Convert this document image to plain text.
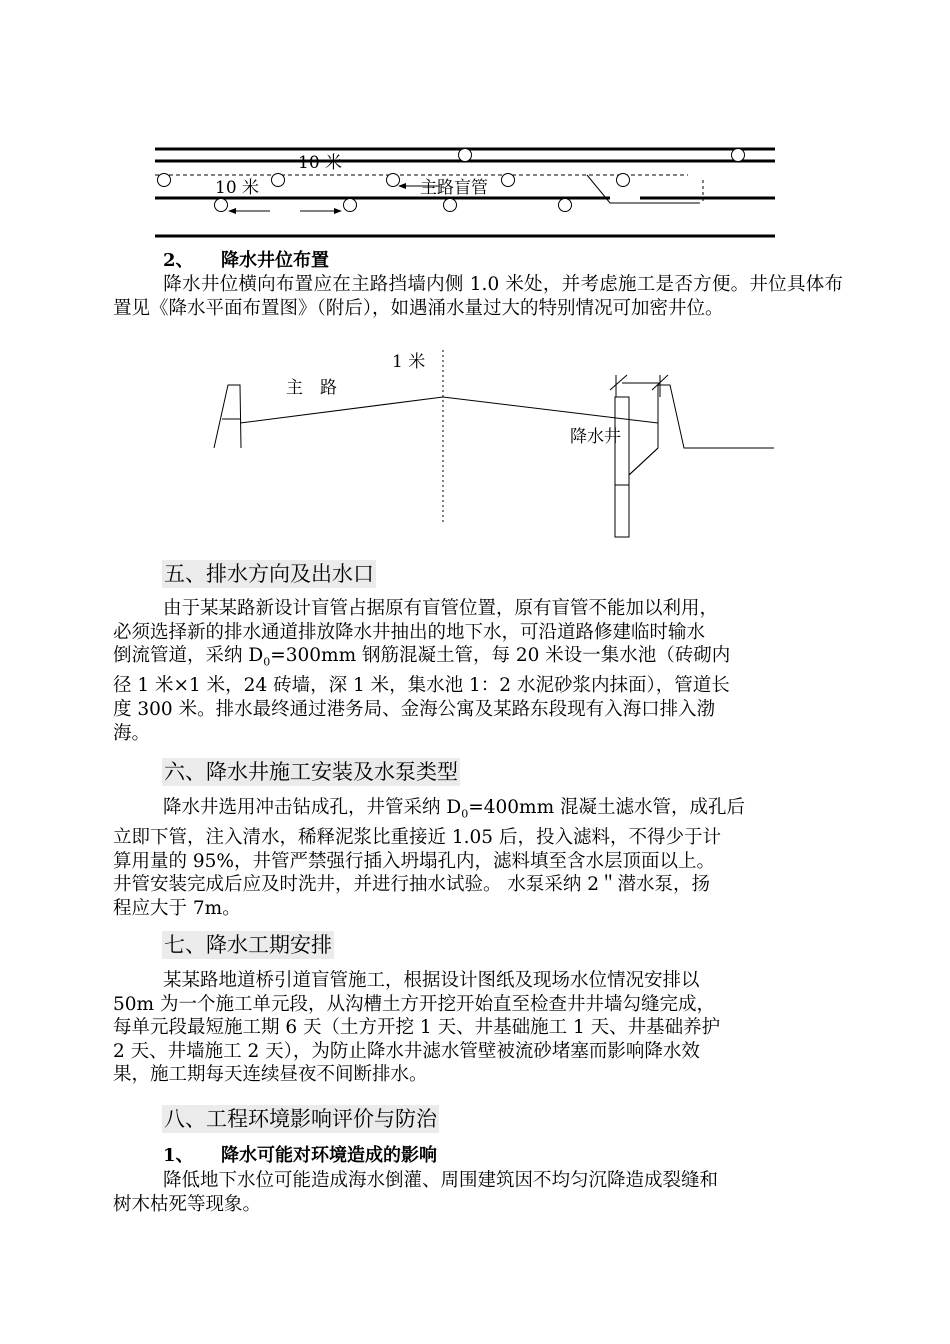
10 米
10 米	主路盲管
2、 降水井位布置

降水井位横向布置应在主路挡墙内侧 1.0 米处，并考虑施工是否方便。井位具体布置见《降水平面布置图》（附后），如遇涌水量过大的特别情况可加密井位。

1 米
主　路
降水井
五、排水方向及出水口

由于某某路新设计盲管占据原有盲管位置，原有盲管不能加以利用，
必须选择新的排水通道排放降水井抽出的地下水，可沿道路修建临时输水
倒流管道，采纳 $D_0=300mm$ 钢筋混凝土管，每 20 米设一集水池（砖砌内
径 1 米×1 米，24 砖墙，深 1 米，集水池 1：2 水泥砂浆内抹面），管道长
度 300 米。排水最终通过港务局、金海公寓及某路东段现有入海口排入渤
海。

六、降水井施工安装及水泵类型

降水井选用冲击钻成孔，井管采纳 $D_0=400mm$ 混凝土滤水管，成孔后
立即下管，注入清水，稀释泥浆比重接近 1.05 后，投入滤料，不得少于计
算用量的 95%，井管严禁强行插入坍塌孔内，滤料填至含水层顶面以上。
井管安装完成后应及时洗井，并进行抽水试验。 水泵采纳 2＂潜水泵，扬
程应大于 7m。

七、降水工期安排

某某路地道桥引道盲管施工，根据设计图纸及现场水位情况安排以
50m 为一个施工单元段，从沟槽土方开挖开始直至检查井井墙勾缝完成，
每单元段最短施工期 6 天（土方开挖 1 天、井基础施工 1 天、井基础养护
2 天、井墙施工 2 天），为防止降水井滤水管壁被流砂堵塞而影响降水效
果，施工期每天连续昼夜不间断排水。

八、工程环境影响评价与防治
1、 降水可能对环境造成的影响

降低地下水位可能造成海水倒灌、周围建筑因不均匀沉降造成裂缝和
树木枯死等现象。
